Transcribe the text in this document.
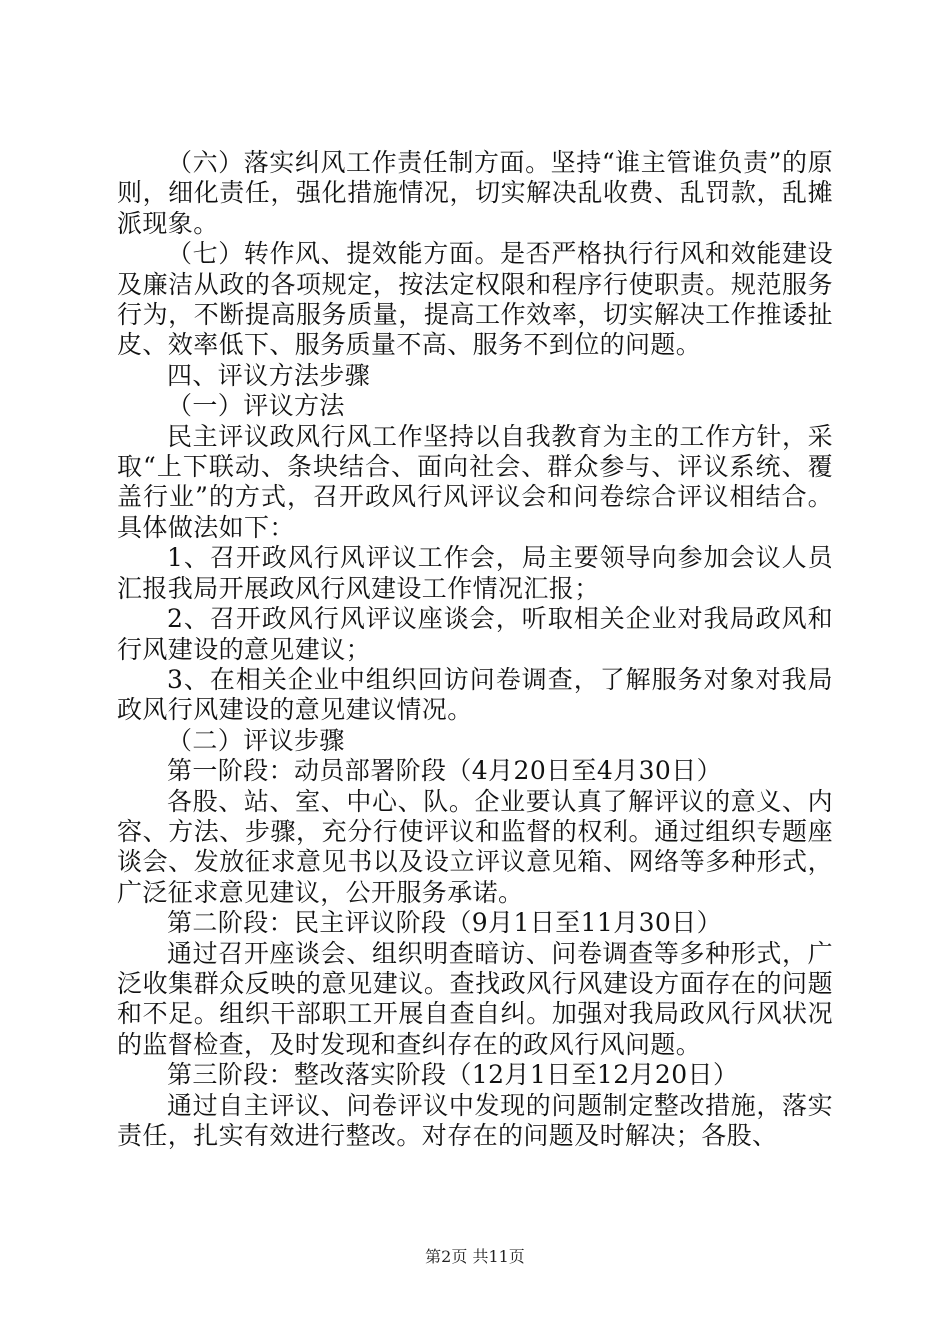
（六）落实纠风工作责任制方面。坚持“谁主管谁负责”的原则，细化责任，强化措施情况，切实解决乱收费、乱罚款，乱摊派现象。

（七）转作风、提效能方面。是否严格执行行风和效能建设及廉洁从政的各项规定，按法定权限和程序行使职责。规范服务行为，不断提高服务质量，提高工作效率，切实解决工作推诿扯皮、效率低下、服务质量不高、服务不到位的问题。

四、评议方法步骤

（一）评议方法

民主评议政风行风工作坚持以自我教育为主的工作方针，采取“上下联动、条块结合、面向社会、群众参与、评议系统、覆盖行业”的方式，召开政风行风评议会和问卷综合评议相结合。具体做法如下：

1、召开政风行风评议工作会，局主要领导向参加会议人员汇报我局开展政风行风建设工作情况汇报；

2、召开政风行风评议座谈会，听取相关企业对我局政风和行风建设的意见建议；

3、在相关企业中组织回访问卷调查，了解服务对象对我局政风行风建设的意见建议情况。

（二）评议步骤

第一阶段：动员部署阶段（4月20日至4月30日）

各股、站、室、中心、队。企业要认真了解评议的意义、内容、方法、步骤，充分行使评议和监督的权利。通过组织专题座谈会、发放征求意见书以及设立评议意见箱、网络等多种形式，广泛征求意见建议，公开服务承诺。

第二阶段：民主评议阶段（9月1日至11月30日）

通过召开座谈会、组织明查暗访、问卷调查等多种形式，广泛收集群众反映的意见建议。查找政风行风建设方面存在的问题和不足。组织干部职工开展自查自纠。加强对我局政风行风状况的监督检查，及时发现和查纠存在的政风行风问题。

第三阶段：整改落实阶段（12月1日至12月20日）

通过自主评议、问卷评议中发现的问题制定整改措施，落实责任，扎实有效进行整改。对存在的问题及时解决；各股、

第2页 共11页
